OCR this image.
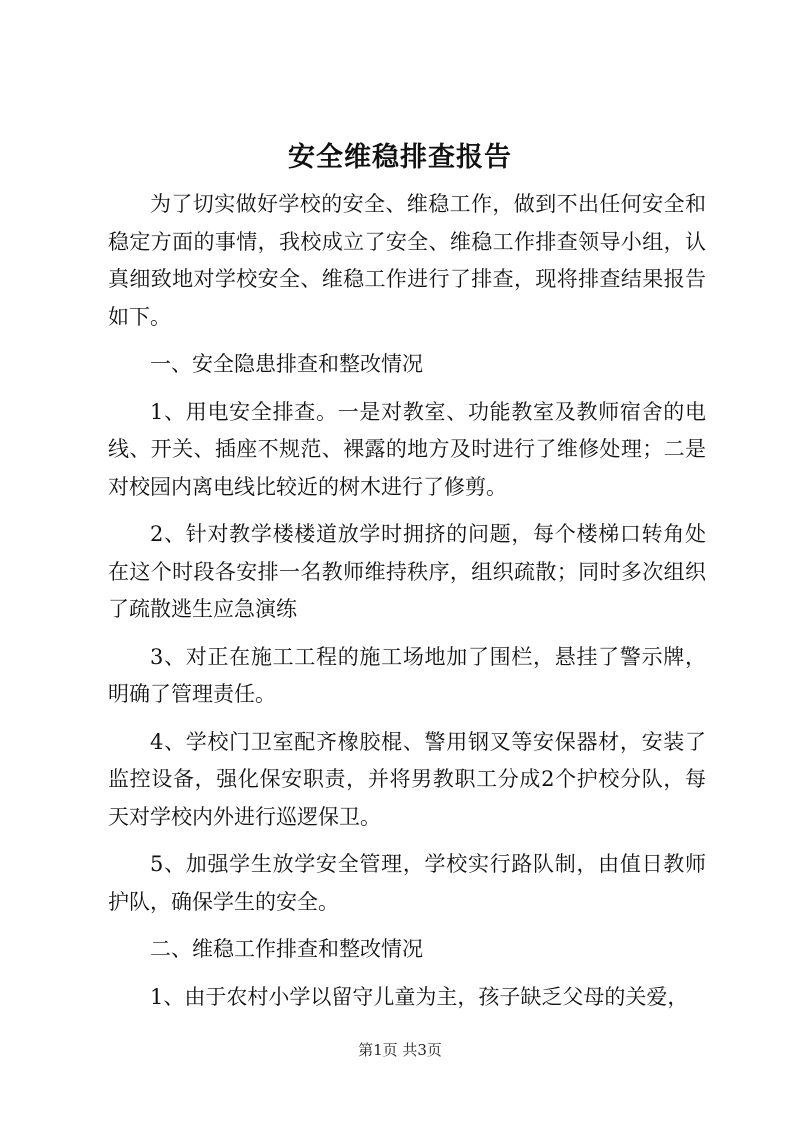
安全维稳排查报告

为了切实做好学校的安全、维稳工作，做到不出任何安全和稳定方面的事情，我校成立了安全、维稳工作排查领导小组，认真细致地对学校安全、维稳工作进行了排查，现将排查结果报告如下。

一、安全隐患排查和整改情况

1、用电安全排查。一是对教室、功能教室及教师宿舍的电线、开关、插座不规范、裸露的地方及时进行了维修处理；二是对校园内离电线比较近的树木进行了修剪。

2、针对教学楼楼道放学时拥挤的问题，每个楼梯口转角处在这个时段各安排一名教师维持秩序，组织疏散；同时多次组织了疏散逃生应急演练

3、对正在施工工程的施工场地加了围栏，悬挂了警示牌，明确了管理责任。

4、学校门卫室配齐橡胶棍、警用钢叉等安保器材，安装了监控设备，强化保安职责，并将男教职工分成2个护校分队，每天对学校内外进行巡逻保卫。

5、加强学生放学安全管理，学校实行路队制，由值日教师护队，确保学生的安全。

二、维稳工作排查和整改情况

1、由于农村小学以留守儿童为主，孩子缺乏父母的关爱，

第1页 共3页
